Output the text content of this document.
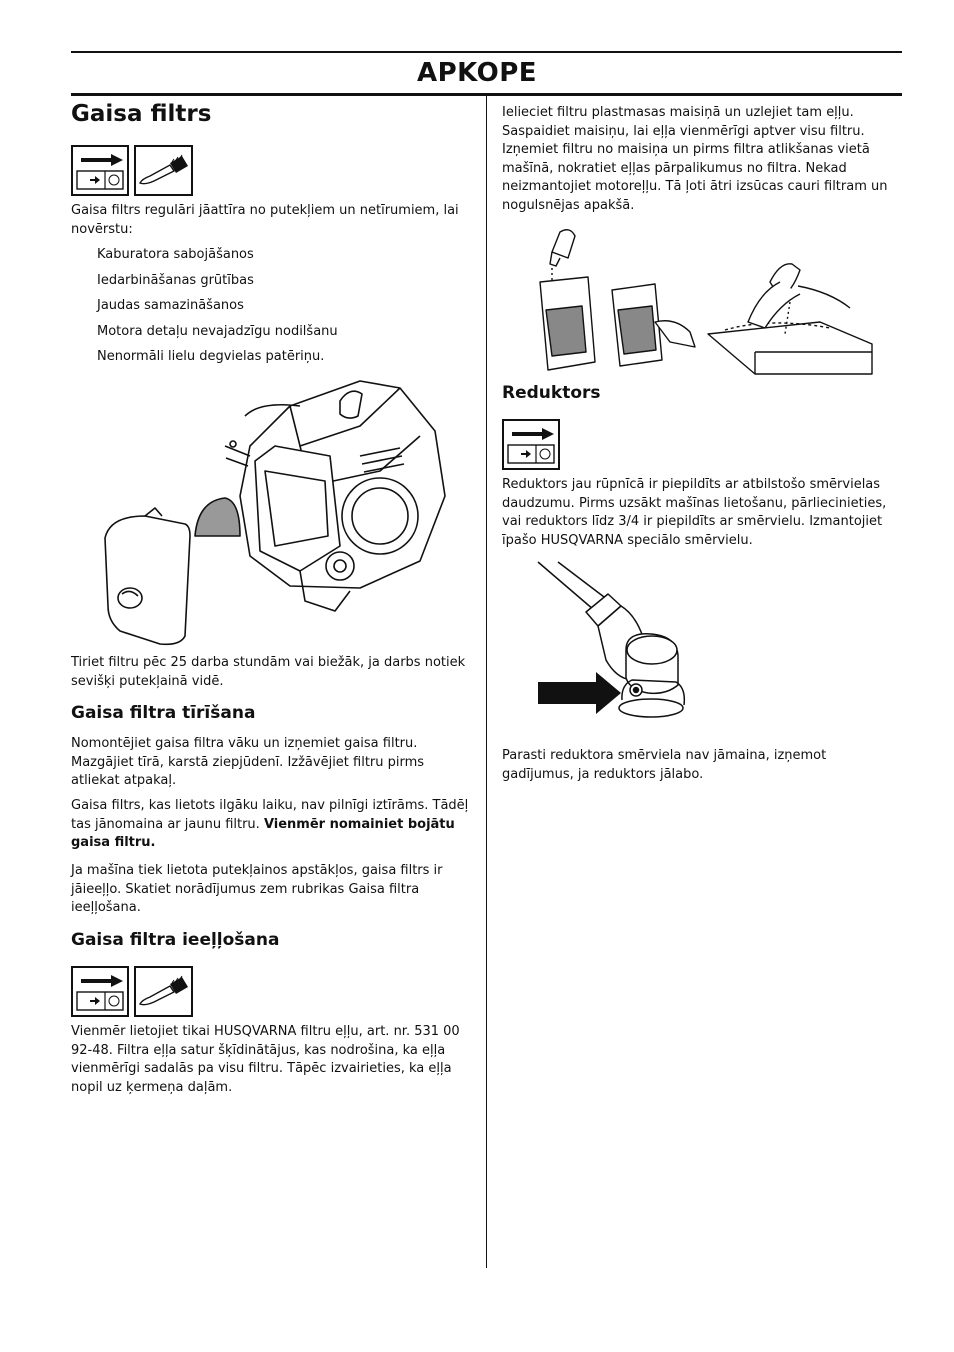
APKOPE
Gaisa filtrs
Gaisa filtrs regulāri jāattīra no putekļiem un netīrumiem, lai novērstu:
Kaburatora sabojāšanos
Iedarbināšanas grūtības
Jaudas samazināšanos
Motora detaļu nevajadzīgu nodilšanu
Nenormāli lielu degvielas patēriņu.
Tiriet filtru pēc 25 darba stundām vai biežāk, ja darbs notiek sevišķi putekļainā vidē.
Gaisa filtra tīrīšana
Nomontējiet gaisa filtra vāku un izņemiet gaisa filtru. Mazgājiet tīrā, karstā ziepjūdenī. Izžāvējiet filtru pirms atliekat atpakaļ.
Gaisa filtrs, kas lietots ilgāku laiku, nav pilnīgi iztīrāms. Tādēļ tas jānomaina ar jaunu filtru. Vienmēr nomainiet bojātu gaisa filtru.
Ja mašīna tiek lietota putekļainos apstākļos, gaisa filtrs ir jāieeļļo. Skatiet norādījumus zem rubrikas Gaisa filtra ieeļļošana.
Gaisa filtra ieeļļošana
Vienmēr lietojiet tikai HUSQVARNA filtru eļļu, art. nr. 531 00 92-48. Filtra eļļa satur šķīdinātājus, kas nodrošina, ka eļļa vienmērīgi sadalās pa visu filtru. Tāpēc izvairieties, ka eļļa nopil uz ķermeņa daļām.
Ielieciet filtru plastmasas maisiņā un uzlejiet tam eļļu. Saspaidiet maisiņu, lai eļļa vienmērīgi aptver visu filtru. Izņemiet filtru no maisiņa un pirms filtra atlikšanas vietā mašīnā, nokratiet eļļas pārpalikumus no filtra. Nekad neizmantojiet motoreļļu. Tā ļoti ātri izsūcas cauri filtram un nogulsnējas apakšā.
Reduktors
Reduktors jau rūpnīcā ir piepildīts ar atbilstošo smērvielas daudzumu. Pirms uzsākt mašīnas lietošanu, pārliecinieties, vai reduktors līdz 3/4 ir piepildīts ar smērvielu. Izmantojiet īpašo HUSQVARNA speciālo smērvielu.
Parasti reduktora smērviela nav jāmaina, izņemot gadījumus, ja reduktors jālabo.
